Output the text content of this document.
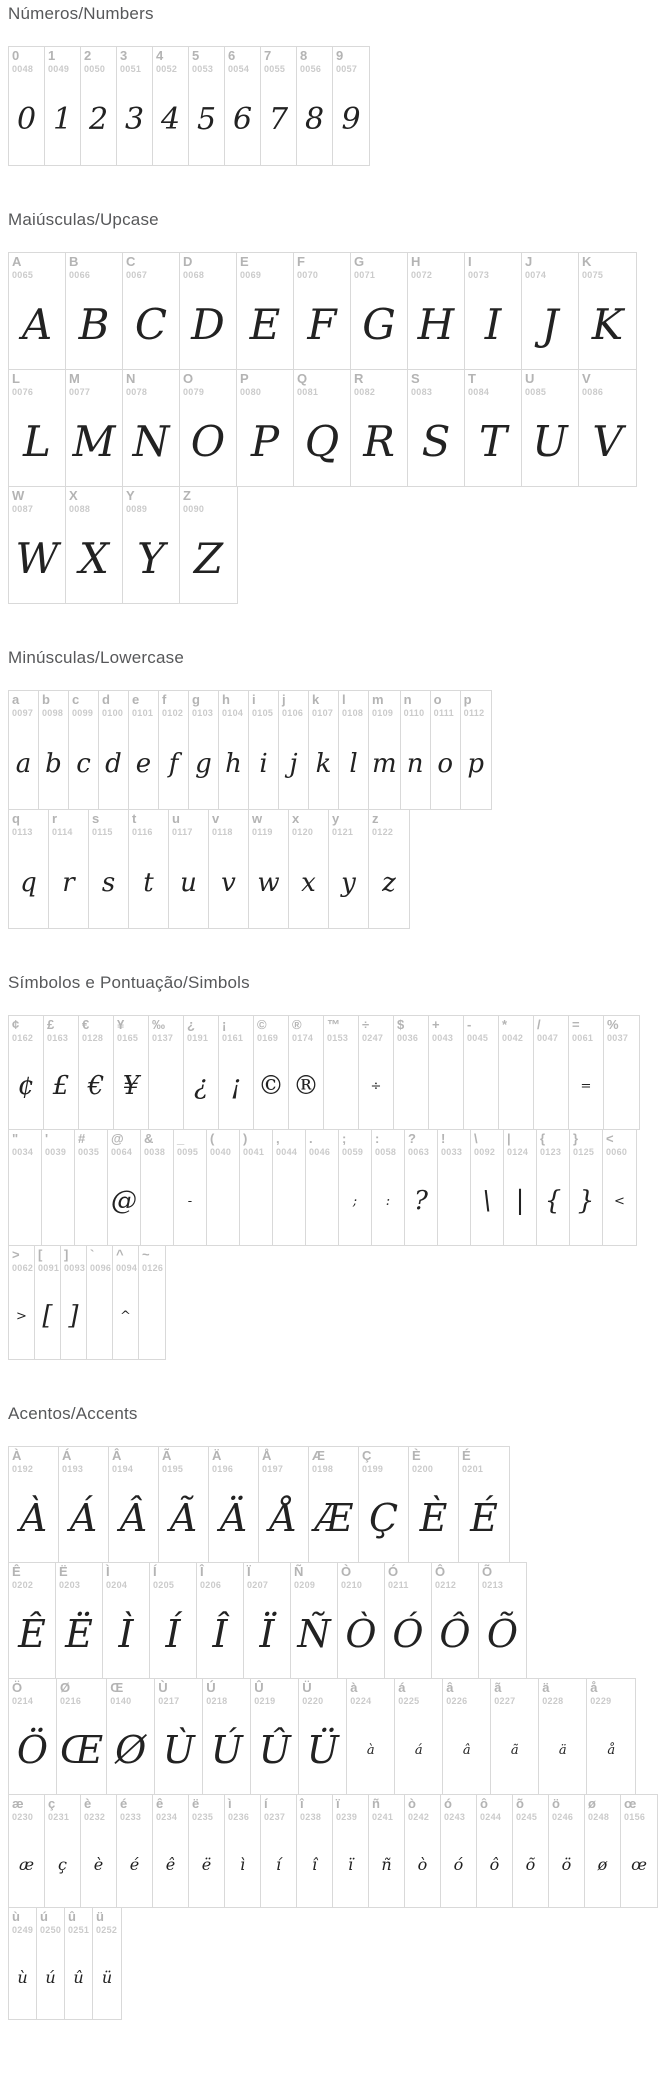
Números/Numbers
0
0048
0
1
0049
1
2
0050
2
3
0051
3
4
0052
4
5
0053
5
6
0054
6
7
0055
7
8
0056
8
9
0057
9
Maiúsculas/Upcase
A
0065
A
B
0066
B
C
0067
C
D
0068
D
E
0069
E
F
0070
F
G
0071
G
H
0072
H
I
0073
I
J
0074
J
K
0075
K
L
0076
L
M
0077
M
N
0078
N
O
0079
O
P
0080
P
Q
0081
Q
R
0082
R
S
0083
S
T
0084
T
U
0085
U
V
0086
V
W
0087
W
X
0088
X
Y
0089
Y
Z
0090
Z
Minúsculas/Lowercase
a
0097
a
b
0098
b
c
0099
c
d
0100
d
e
0101
e
f
0102
f
g
0103
g
h
0104
h
i
0105
i
j
0106
j
k
0107
k
l
0108
l
m
0109
m
n
0110
n
o
0111
o
p
0112
p
q
0113
q
r
0114
r
s
0115
s
t
0116
t
u
0117
u
v
0118
v
w
0119
w
x
0120
x
y
0121
y
z
0122
z
Símbolos e Pontuação/Simbols
¢
0162
¢
£
0163
£
€
0128
€
¥
0165
¥
‰
0137
¿
0191
¿
¡
0161
¡
©
0169
©
®
0174
®
™
0153
÷
0247
÷
$
0036
+
0043
-
0045
*
0042
/
0047
=
0061
=
%
0037
"
0034
'
0039
#
0035
@
0064
@
&
0038
_
0095
-
(
0040
)
0041
,
0044
.
0046
;
0059
;
:
0058
:
?
0063
?
!
0033
\
0092
\
|
0124
|
{
0123
{
}
0125
}
<
0060
<
>
0062
>
[
0091
[
]
0093
]
`
0096
^
0094
^
~
0126
Acentos/Accents
À
0192
À
Á
0193
Á
Â
0194
Â
Ã
0195
Ã
Ä
0196
Ä
Å
0197
Å
Æ
0198
Æ
Ç
0199
Ç
È
0200
È
É
0201
É
Ê
0202
Ê
Ë
0203
Ë
Ì
0204
Ì
Í
0205
Í
Î
0206
Î
Ï
0207
Ï
Ñ
0209
Ñ
Ò
0210
Ò
Ó
0211
Ó
Ô
0212
Ô
Õ
0213
Õ
Ö
0214
Ö
Ø
0216
Œ
Œ
0140
Ø
Ù
0217
Ù
Ú
0218
Ú
Û
0219
Û
Ü
0220
Ü
à
0224
à
á
0225
á
â
0226
â
ã
0227
ã
ä
0228
ä
å
0229
å
æ
0230
æ
ç
0231
ç
è
0232
è
é
0233
é
ê
0234
ê
ë
0235
ë
ì
0236
ì
í
0237
í
î
0238
î
ï
0239
ï
ñ
0241
ñ
ò
0242
ò
ó
0243
ó
ô
0244
ô
õ
0245
õ
ö
0246
ö
ø
0248
ø
œ
0156
œ
ù
0249
ù
ú
0250
ú
û
0251
û
ü
0252
ü
